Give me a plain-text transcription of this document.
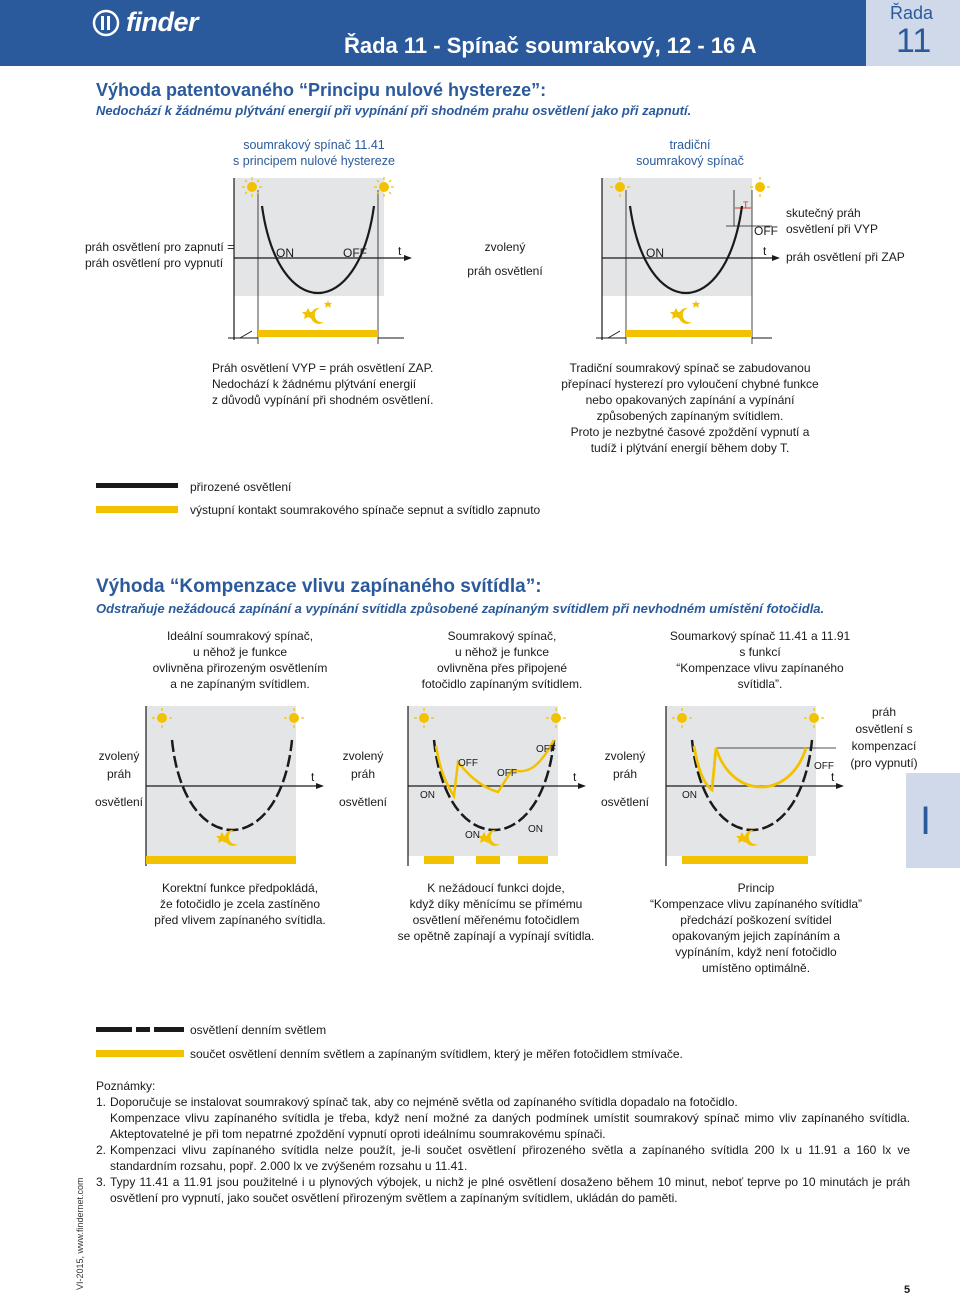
finder
Řada 11 - Spínač soumrakový, 12 - 16 A
Řada
11
Výhoda patentovaného “Principu nulové hystereze”:
Nedochází k žádnému plýtvání energií při vypínání při shodném prahu osvětlení jako při zapnutí.
soumrakový spínač 11.41
s principem nulové hystereze
tradiční
soumrakový spínač
práh osvětlení pro zapnutí =
práh osvětlení pro vypnutí
zvolený
práh osvětlení
skutečný práh
osvětlení při VYP
práh osvětlení při ZAP
ON	OFF	t	ON
OFF
t
T
Práh osvětlení VYP = práh osvětlení ZAP.
Nedochází k žádnému plýtvání energií
z důvodů vypínání při shodném osvětlení.
Tradiční soumrakový spínač se zabudovanou
přepínací hysterezí pro vyloučení chybné funkce
nebo opakovaných zapínání a vypínání
způsobených zapínaným svítidlem.
Proto je nezbytné časové zpoždění vypnutí a
tudíž i plýtvání energií během doby T.
přirozené osvětlení
výstupní kontakt soumrakového spínače sepnut a svítidlo zapnuto
Výhoda “Kompenzace vlivu zapínaného svítídla”:
Odstraňuje nežádoucá zapínání a vypínání svítidla způsobené zapínaným svítidlem při nevhodném umístění fotočidla.
Ideální soumrakový spínač,
u něhož je funkce
ovlivněna přirozeným osvětlením
a ne zapínaným svítidlem.
Soumrakový spínač,
u něhož je funkce
ovlivněna přes připojené
fotočidlo zapínaným svítidlem.
Soumarkový spínač 11.41 a 11.91
s funkcí
“Kompenzace vlivu zapínaného
svítidla”.
zvolený
práh
osvětlení
zvolený
práh
osvětlení
zvolený
práh
osvětlení
práh
osvětlení s
kompenzací
(pro vypnutí)
t
ON
OFF
ON
OFF
ON
OFF
t
ON
OFF
t
I
Korektní funkce předpokládá,
že fotočidlo je zcela zastíněno
před vlivem zapínaného svítidla.
K nežádoucí funkci dojde,
když díky měnícímu se přímému
osvětlení měřenému fotočidlem
se opětně zapínají a vypínají svítidla.
Princip
“Kompenzace vlivu zapínaného svítidla”
předchází poškození svítidel
opakovaným jejich zapínáním a
vypínáním, když není fotočidlo
umístěno optimálně.
osvětlení denním světlem
součet osvětlení denním světlem a zapínaným svítidlem, který je měřen fotočidlem stmívače.
Poznámky:
1. Doporučuje se instalovat soumrakový spínač tak, aby co nejméně světla od zapínaného svítidla dopadalo na fotočidlo.
Kompenzace vlivu zapínaného svítidla je třeba, když není možné za daných podmínek umístit soumrakový spínač mimo vliv zapínaného svítidla. Akteptovatelné je při tom nepatrné zpoždění vypnutí oproti ideálnímu soumrakovému spínači.
2. Kompenzaci vlivu zapínaného svítidla nelze použít, je-li součet osvětlení přirozeného světla a zapínaného svítidla 200 lx u 11.91 a 160 lx ve standardním rozsahu, popř. 2.000 lx ve zvýšeném rozsahu u 11.41.
3. Typy 11.41 a 11.91 jsou použitelné i u plynových výbojek, u nichž je plné osvětlení dosaženo během 10 minut, neboť teprve po 10 minutách je práh osvětlení pro vypnutí, jako součet osvětlení přirozeným světlem a zapínaným svítidlem, ukládán do paměti.
VI-2015, www.findernet.com	5
